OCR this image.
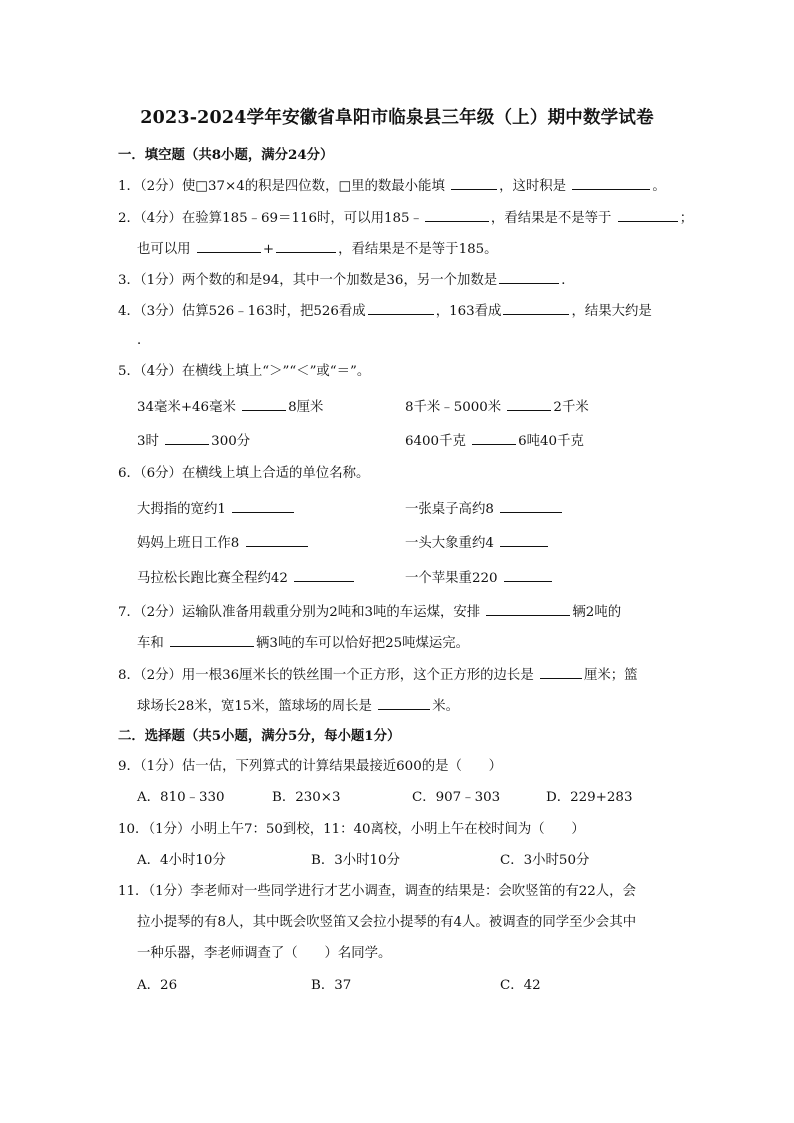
2023-2024学年安徽省阜阳市临泉县三年级（上）期中数学试卷
一．填空题（共8小题，满分24分）
1．（2分）使□37×4的积是四位数，□里的数最小能填	，这时积是	。
2．（4分）在验算185﹣69＝116时，可以用185﹣	，看结果是不是等于	；
也可以用	+	，看结果是不是等于185。
3．（1分）两个数的和是94，其中一个加数是36，另一个加数是	．
4．（3分）估算526﹣163时，把526看成	，163看成	，结果大约是
．
5．（4分）在横线上填上“＞”“＜”或“＝”。
34毫米+46毫米	8厘米	8千米﹣5000米	2千米
3时	300分	6400千克	6吨40千克
6．（6分）在横线上填上合适的单位名称。
大拇指的宽约1	一张桌子高约8
妈妈上班日工作8	一头大象重约4
马拉松长跑比赛全程约42	一个苹果重220
7．（2分）运输队准备用载重分别为2吨和3吨的车运煤，安排	辆2吨的
车和	辆3吨的车可以恰好把25吨煤运完。
8．（2分）用一根36厘米长的铁丝围一个正方形，这个正方形的边长是	厘米；篮
球场长28米，宽15米，篮球场的周长是	米。
二．选择题（共5小题，满分5分，每小题1分）
9．（1分）估一估，下列算式的计算结果最接近600的是（　　）
A．810﹣330	B．230×3	C．907﹣303	D．229+283
10．（1分）小明上午7：50到校，11：40离校，小明上午在校时间为（　　）
A．4小时10分	B．3小时10分	C．3小时50分
11．（1分）李老师对一些同学进行才艺小调查，调查的结果是：会吹竖笛的有22人，会
拉小提琴的有8人，其中既会吹竖笛又会拉小提琴的有4人。被调查的同学至少会其中
一种乐器，李老师调查了（　　）名同学。
A．26	B．37	C．42
